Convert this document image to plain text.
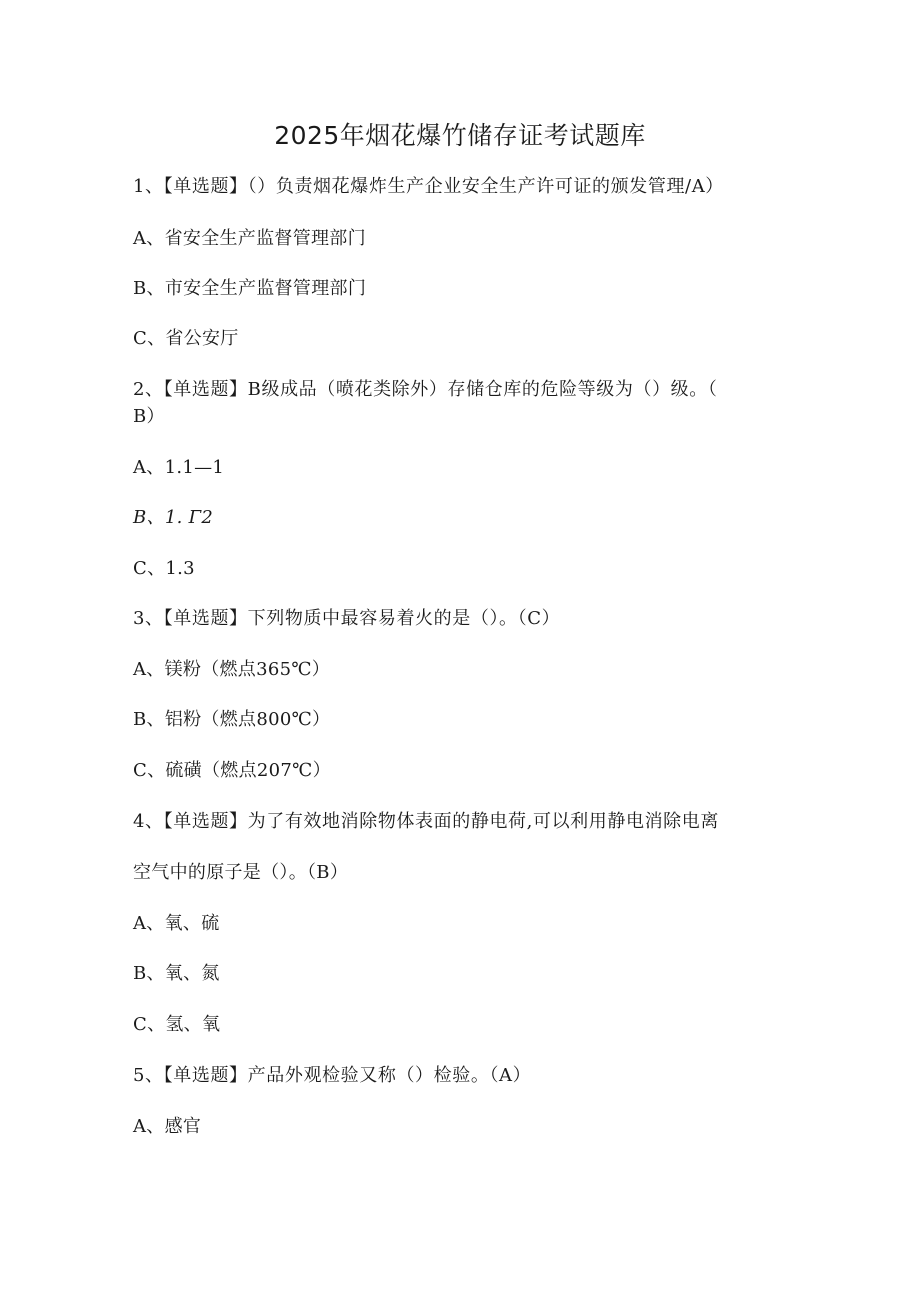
2025年烟花爆竹储存证考试题库
1、【单选题】（）负责烟花爆炸生产企业安全生产许可证的颁发管理/A）
A、省安全生产监督管理部门
B、市安全生产监督管理部门
C、省公安厅
2、【单选题】B级成品（喷花类除外）存储仓库的危险等级为（）级。（
B）
A、1.1—1
B、1. Γ2
C、1.3
3、【单选题】下列物质中最容易着火的是（）。（C）
A、镁粉（燃点365℃）
B、铝粉（燃点800℃）
C、硫磺（燃点207℃）
4、【单选题】为了有效地消除物体表面的静电荷,可以利用静电消除电离
空气中的原子是（）。（B）
A、氧、硫
B、氧、氮
C、氢、氧
5、【单选题】产品外观检验又称（）检验。（A）
A、感官
